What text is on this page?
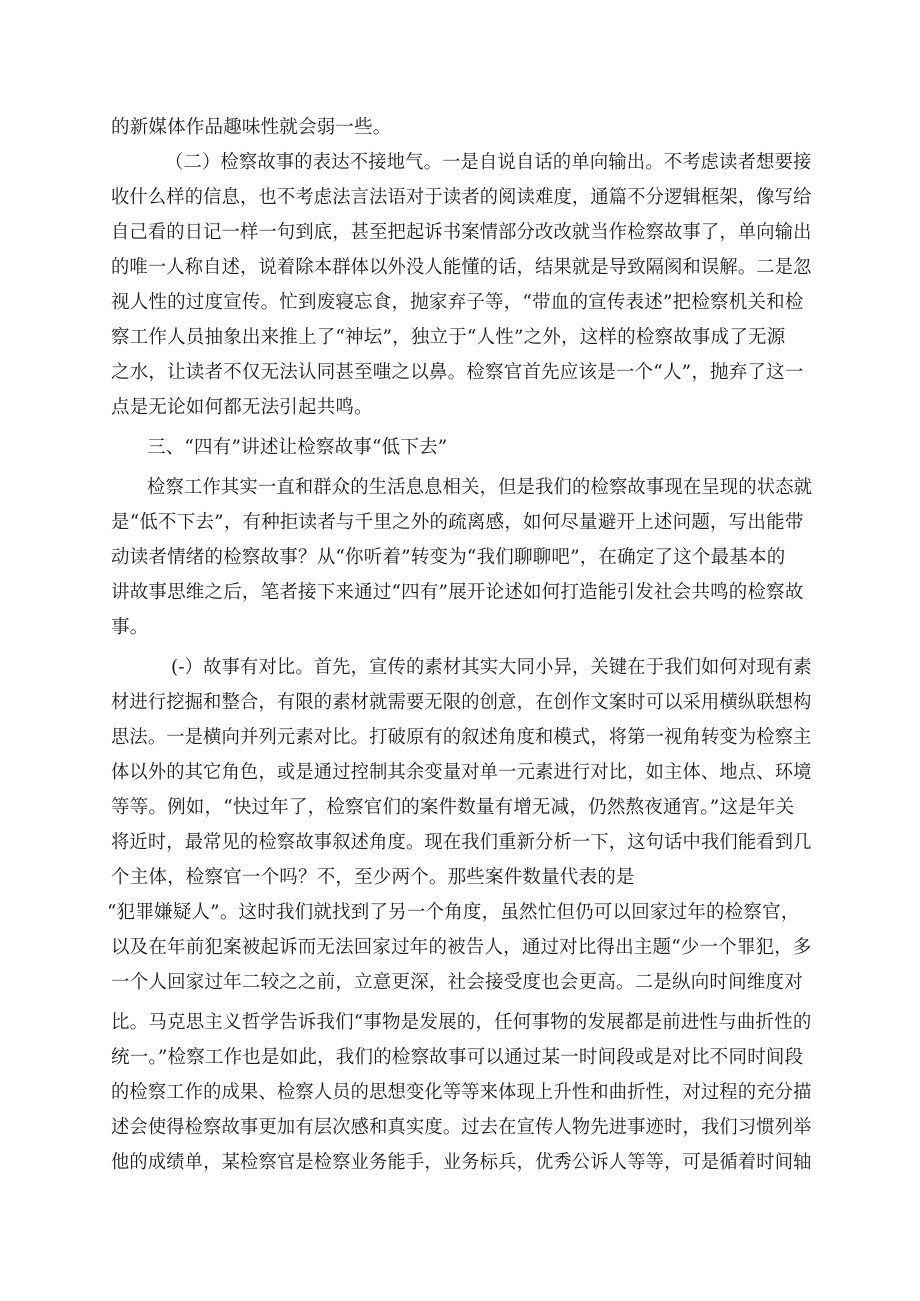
的新媒体作品趣味性就会弱一些。
（二）检察故事的表达不接地气。一是自说自话的单向输出。不考虑读者想要接
收什么样的信息，也不考虑法言法语对于读者的阅读难度，通篇不分逻辑框架，像写给
自己看的日记一样一句到底，甚至把起诉书案情部分改改就当作检察故事了，单向输出
的唯一人称自述，说着除本群体以外没人能懂的话，结果就是导致隔阂和误解。二是忽
视人性的过度宣传。忙到废寝忘食，抛家弃子等，“带血的宣传表述”把检察机关和检
察工作人员抽象出来推上了“神坛”，独立于“人性”之外，这样的检察故事成了无源
之水，让读者不仅无法认同甚至嗤之以鼻。检察官首先应该是一个“人”，抛弃了这一
点是无论如何都无法引起共鸣。
三、“四有”讲述让检察故事“低下去”
检察工作其实一直和群众的生活息息相关，但是我们的检察故事现在呈现的状态就
是“低不下去”，有种拒读者与千里之外的疏离感，如何尽量避开上述问题，写出能带
动读者情绪的检察故事？从“你听着”转变为“我们聊聊吧”，在确定了这个最基本的
讲故事思维之后，笔者接下来通过“四有”展开论述如何打造能引发社会共鸣的检察故
事。
(-）故事有对比。首先，宣传的素材其实大同小异，关键在于我们如何对现有素
材进行挖掘和整合，有限的素材就需要无限的创意，在创作文案时可以采用横纵联想构
思法。一是横向并列元素对比。打破原有的叙述角度和模式，将第一视角转变为检察主
体以外的其它角色，或是通过控制其余变量对单一元素进行对比，如主体、地点、环境
等等。例如，“快过年了，检察官们的案件数量有增无减，仍然熬夜通宵。”这是年关
将近时，最常见的检察故事叙述角度。现在我们重新分析一下，这句话中我们能看到几
个主体，检察官一个吗？不，至少两个。那些案件数量代表的是
“犯罪嫌疑人”。这时我们就找到了另一个角度，虽然忙但仍可以回家过年的检察官，
以及在年前犯案被起诉而无法回家过年的被告人，通过对比得出主题“少一个罪犯，多
一个人回家过年二较之之前，立意更深，社会接受度也会更高。二是纵向时间维度对
比。马克思主义哲学告诉我们“事物是发展的，任何事物的发展都是前进性与曲折性的
统一。”检察工作也是如此，我们的检察故事可以通过某一时间段或是对比不同时间段
的检察工作的成果、检察人员的思想变化等等来体现上升性和曲折性，对过程的充分描
述会使得检察故事更加有层次感和真实度。过去在宣传人物先进事迹时，我们习惯列举
他的成绩单，某检察官是检察业务能手，业务标兵，优秀公诉人等等，可是循着时间轴
